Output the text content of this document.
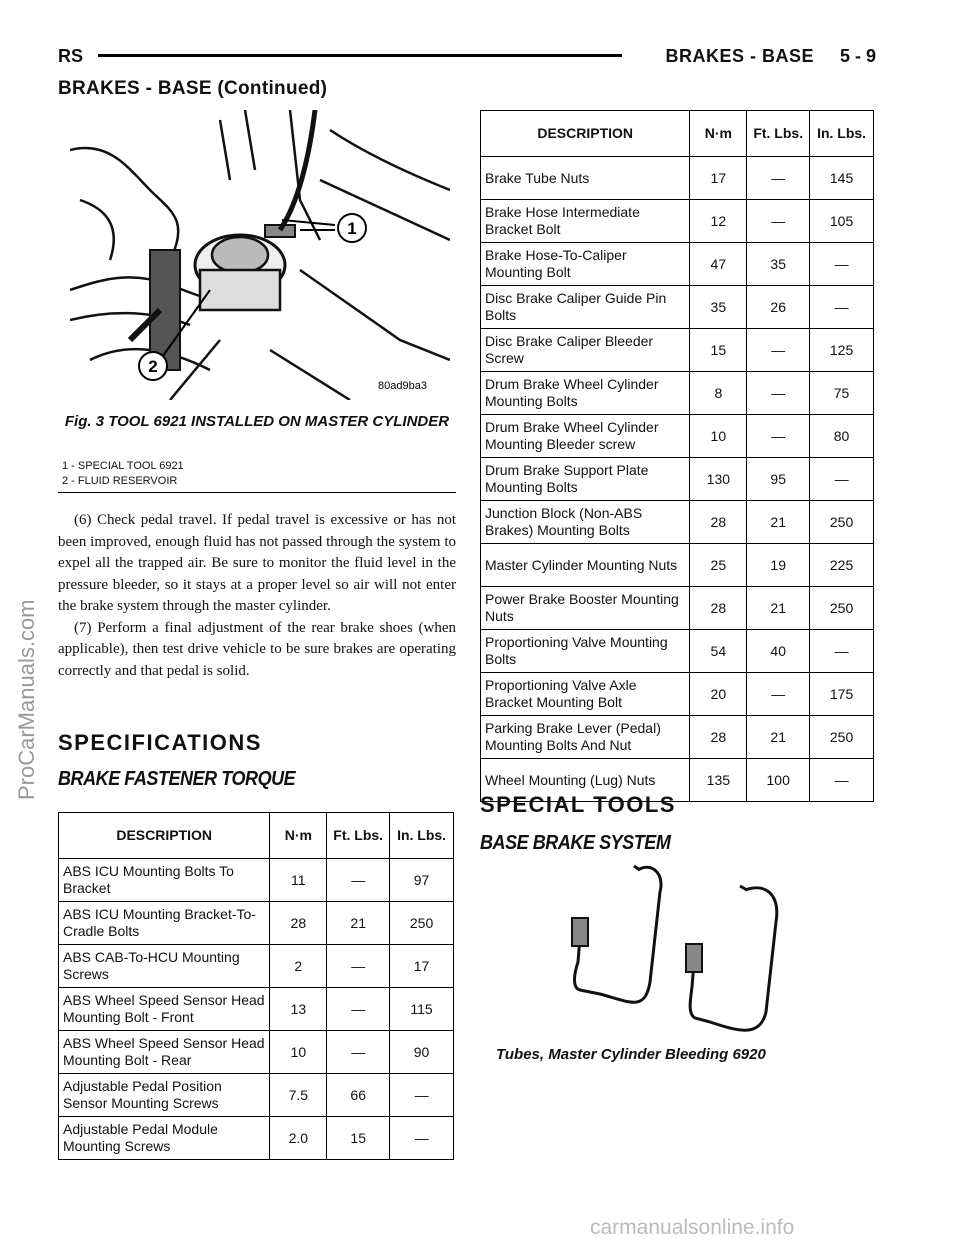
RS	BRAKES - BASE 5 - 9
BRAKES - BASE (Continued)
1
2
80ad9ba3
Fig. 3 TOOL 6921 INSTALLED ON MASTER CYLINDER
1 - SPECIAL TOOL 6921
2 - FLUID RESERVOIR

(6) Check pedal travel. If pedal travel is excessive or has not been improved, enough fluid has not passed through the system to expel all the trapped air. Be sure to monitor the fluid level in the pressure bleeder, so it stays at a proper level so air will not enter the brake system through the master cylinder.

(7) Perform a final adjustment of the rear brake shoes (when applicable), then test drive vehicle to be sure brakes are operating correctly and that pedal is solid.

SPECIFICATIONS
BRAKE FASTENER TORQUE
DESCRIPTION	N·m	Ft. Lbs.	In. Lbs.
ABS ICU Mounting Bolts To Bracket	11	—	97
ABS ICU Mounting Bracket-To-Cradle Bolts	28	21	250
ABS CAB-To-HCU Mounting Screws	2	—	17
ABS Wheel Speed Sensor Head Mounting Bolt - Front	13	—	115
ABS Wheel Speed Sensor Head Mounting Bolt - Rear	10	—	90
Adjustable Pedal Position Sensor Mounting Screws	7.5	66	—
Adjustable Pedal Module Mounting Screws	2.0	15	—
DESCRIPTION	N·m	Ft. Lbs.	In. Lbs.
Brake Tube Nuts	17	—	145
Brake Hose Intermediate Bracket Bolt	12	—	105
Brake Hose-To-Caliper Mounting Bolt	47	35	—
Disc Brake Caliper Guide Pin Bolts	35	26	—
Disc Brake Caliper Bleeder Screw	15	—	125
Drum Brake Wheel Cylinder Mounting Bolts	8	—	75
Drum Brake Wheel Cylinder Mounting Bleeder screw	10	—	80
Drum Brake Support Plate Mounting Bolts	130	95	—
Junction Block (Non-ABS Brakes) Mounting Bolts	28	21	250
Master Cylinder Mounting Nuts	25	19	225
Power Brake Booster Mounting Nuts	28	21	250
Proportioning Valve Mounting Bolts	54	40	—
Proportioning Valve Axle Bracket Mounting Bolt	20	—	175
Parking Brake Lever (Pedal) Mounting Bolts And Nut	28	21	250
Wheel Mounting (Lug) Nuts	135	100	—
SPECIAL TOOLS
BASE BRAKE SYSTEM
Tubes, Master Cylinder Bleeding 6920
ProCarManuals.com
carmanualsonline.info
